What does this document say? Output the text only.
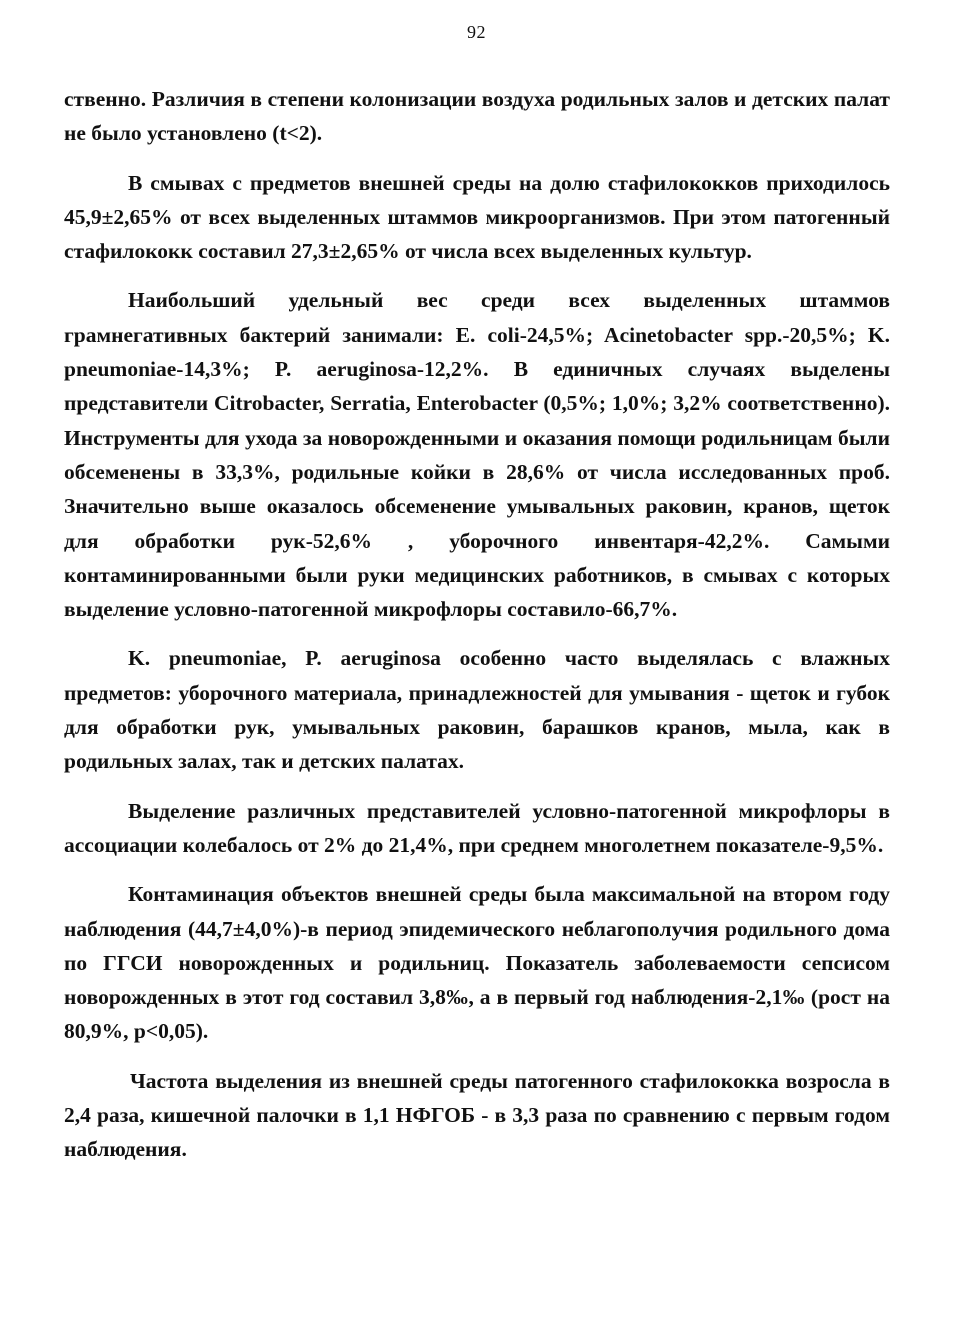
92

ственно. Различия в степени колонизации воздуха родильных залов и детских палат не было установлено (t<2).

В смывах с предметов внешней среды на долю стафилококков приходилось 45,9±2,65% от всех выделенных штаммов микроорганизмов. При этом патогенный стафилококк составил 27,3±2,65% от числа всех выделенных культур.

Наибольший удельный вес среди всех выделенных штаммов грамнегативных бактерий занимали: E. coli-24,5%; Acinetobacter spp.-20,5%; K. pneumoniae-14,3%; P. aeruginosa-12,2%. В единичных случаях выделены представители Citrobacter, Serratia, Enterobacter (0,5%; 1,0%; 3,2% соответственно). Инструменты для ухода за новорожденными и оказания помощи родильницам были обсеменены в 33,3%, родильные койки в 28,6% от числа исследованных проб. Значительно выше оказалось обсеменение умывальных раковин, кранов, щеток для обработки рук-52,6% , уборочного инвентаря-42,2%. Самыми контаминированными были руки медицинских работников, в смывах с которых выделение условно-патогенной микрофлоры составило-66,7%.

K. pneumoniae, P. aeruginosa особенно часто выделялась с влажных предметов: уборочного материала, принадлежностей для умывания - щеток и губок для обработки рук, умывальных раковин, барашков кранов, мыла, как в родильных залах, так и детских палатах.

Выделение различных представителей условно-патогенной микрофлоры в ассоциации колебалось от 2% до 21,4%, при среднем многолетнем показателе-9,5%.

Контаминация объектов внешней среды была максимальной на втором году наблюдения (44,7±4,0%)-в период эпидемического неблагополучия родильного дома по ГГСИ новорожденных и родильниц. Показатель заболеваемости сепсисом новорожденных в этот год составил 3,8‰, а в первый год наблюдения-2,1‰ (рост на 80,9%, p<0,05).

Частота выделения из внешней среды патогенного стафилококка возросла в 2,4 раза, кишечной палочки в 1,1 НФГОБ - в 3,3 раза по сравнению с первым годом наблюдения.
